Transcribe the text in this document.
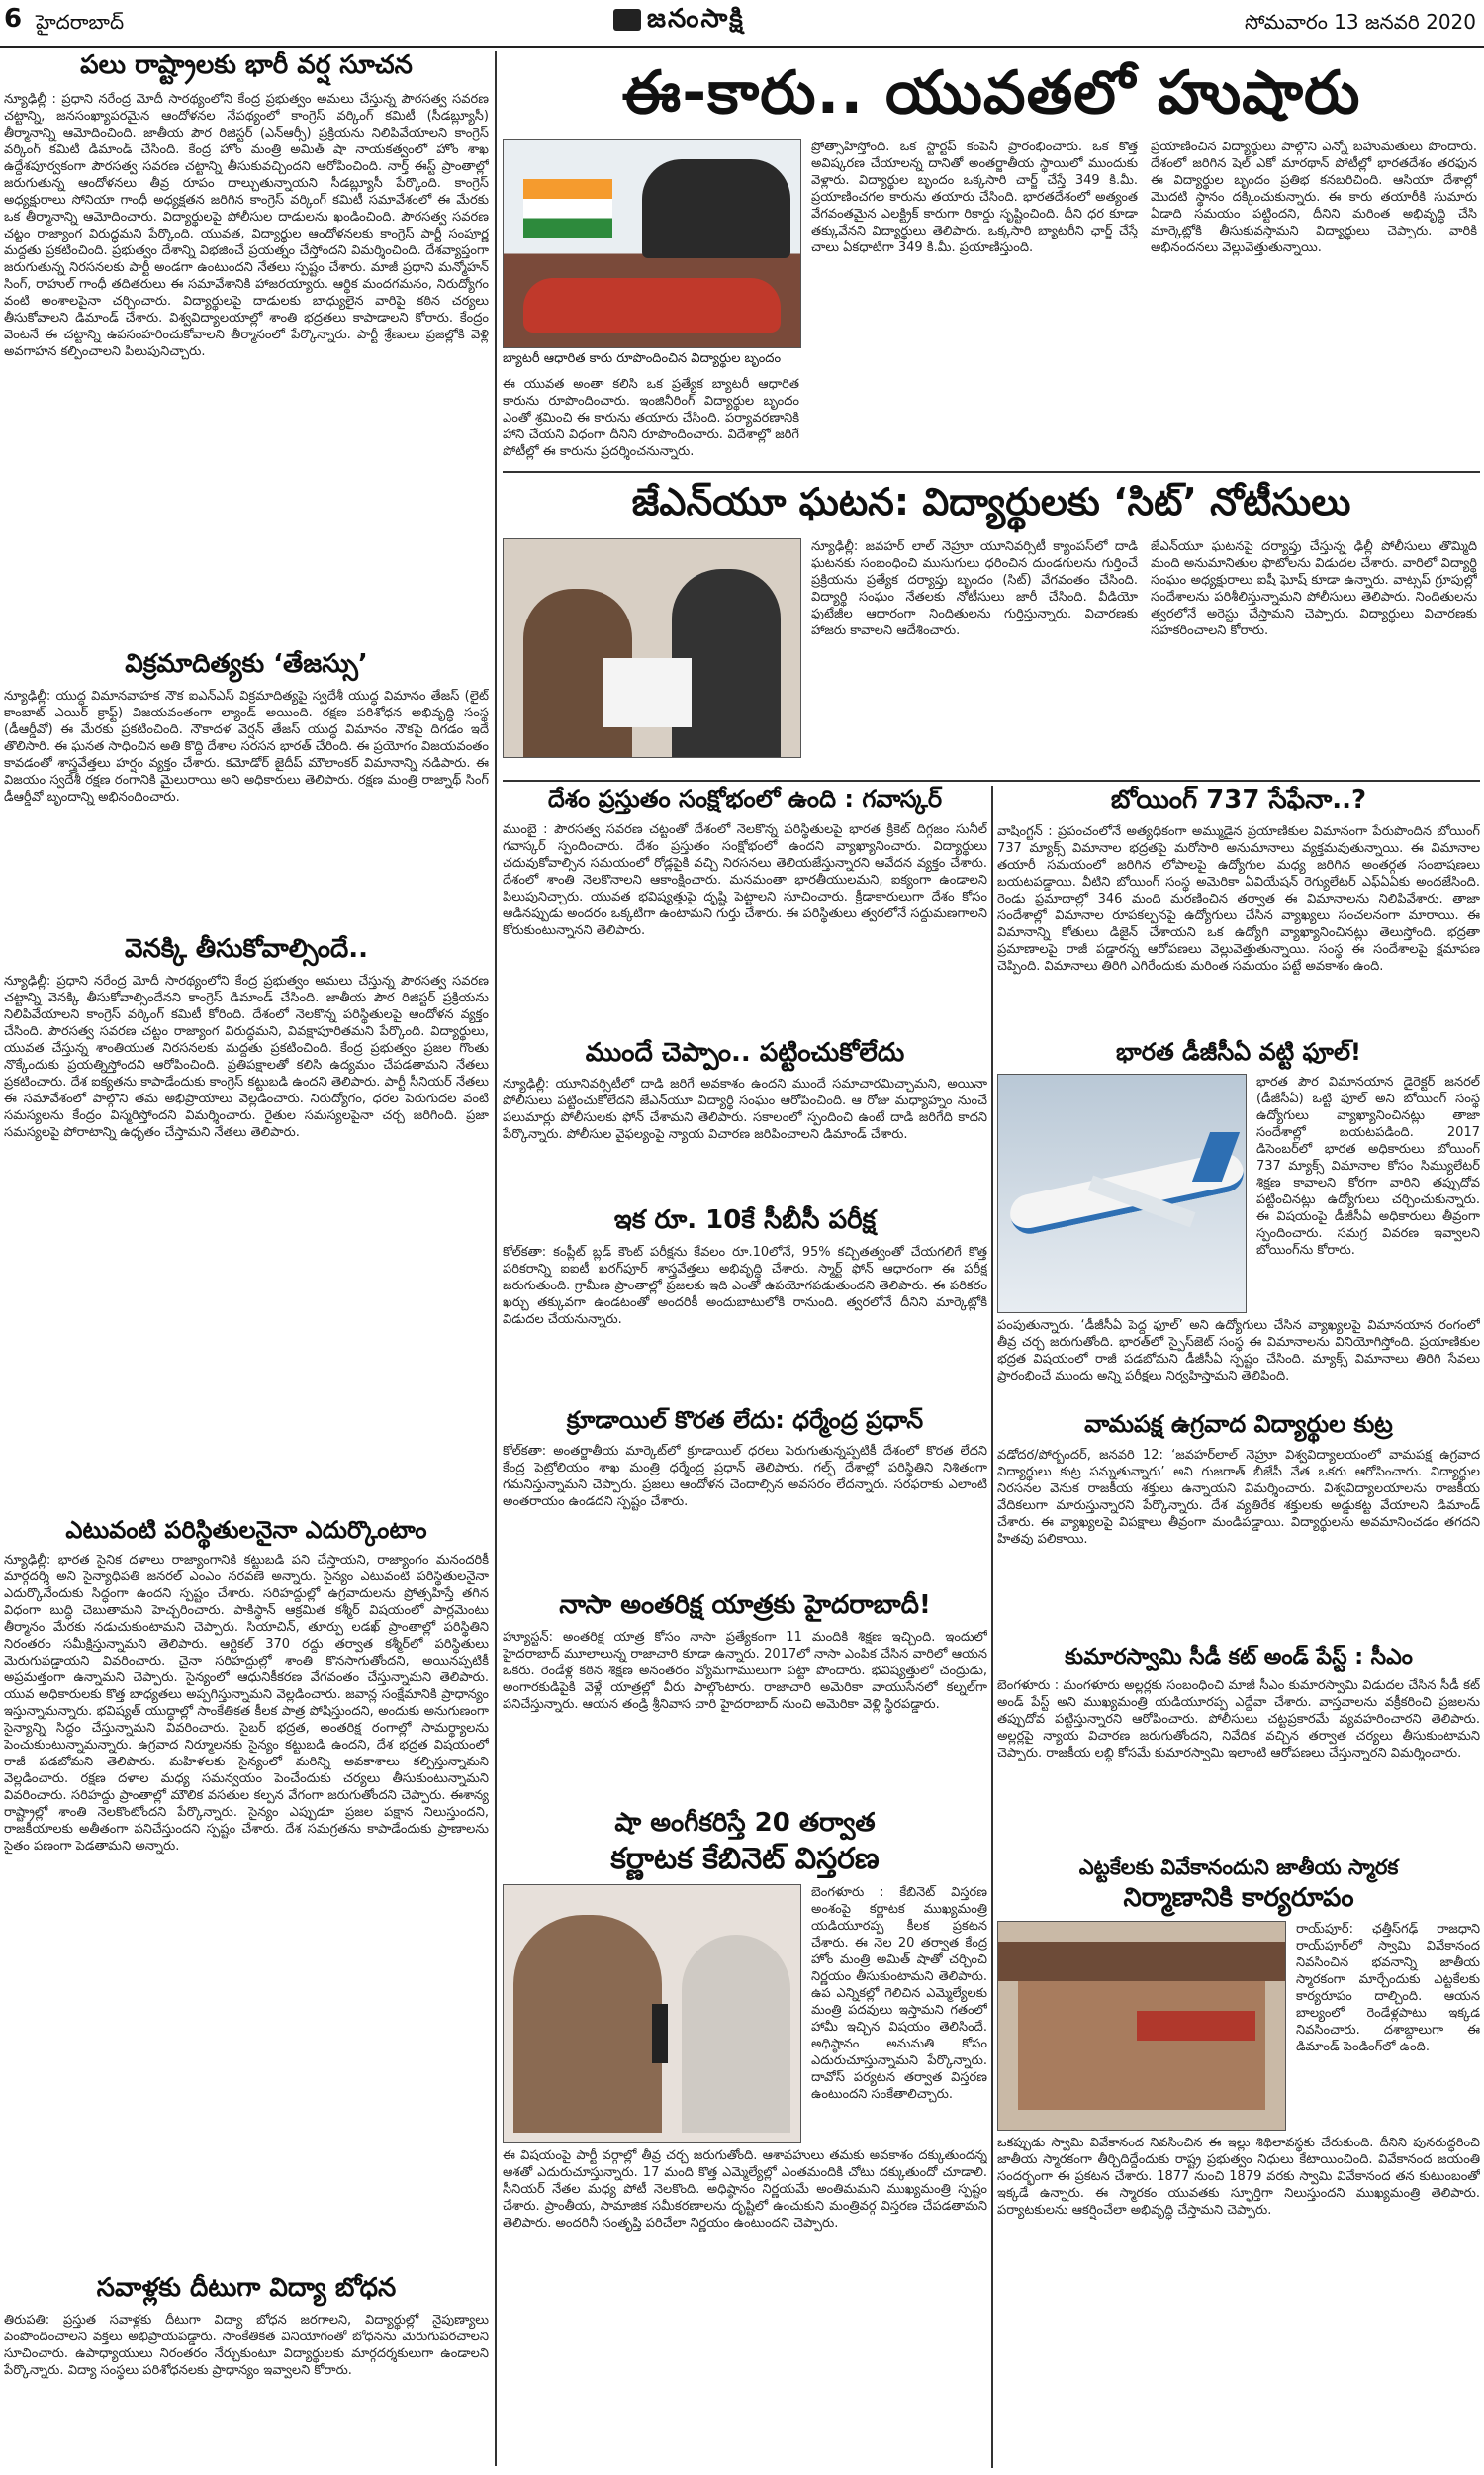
6 హైదరాబాద్	జనంసాక్షి	సోమవారం 13 జనవరి 2020
పలు రాష్ట్రాలకు భారీ వర్ష సూచన

న్యూఢిల్లీ : ప్రధాని నరేంద్ర మోదీ సారథ్యంలోని కేంద్ర ప్రభుత్వం అమలు చేస్తున్న పౌరసత్వ సవరణ చట్టాన్ని, జనసంఖ్యాపరమైన ఆందోళనల నేపథ్యంలో కాంగ్రెస్ వర్కింగ్ కమిటీ (సీడబ్ల్యూసీ) తీర్మానాన్ని ఆమోదించింది. జాతీయ పౌర రిజిస్టర్ (ఎన్ఆర్సీ) ప్రక్రియను నిలిపివేయాలని కాంగ్రెస్ వర్కింగ్ కమిటీ డిమాండ్ చేసింది. కేంద్ర హోం మంత్రి అమిత్ షా నాయకత్వంలో హోం శాఖ ఉద్దేశపూర్వకంగా పౌరసత్వ సవరణ చట్టాన్ని తీసుకువచ్చిందని ఆరోపించింది. నార్త్ ఈస్ట్ ప్రాంతాల్లో జరుగుతున్న ఆందోళనలు తీవ్ర రూపం దాల్చుతున్నాయని సీడబ్ల్యూసీ పేర్కొంది. కాంగ్రెస్ అధ్యక్షురాలు సోనియా గాంధీ అధ్యక్షతన జరిగిన కాంగ్రెస్ వర్కింగ్ కమిటీ సమావేశంలో ఈ మేరకు ఒక తీర్మానాన్ని ఆమోదించారు. విద్యార్థులపై పోలీసుల దాడులను ఖండించింది. పౌరసత్వ సవరణ చట్టం రాజ్యాంగ విరుద్ధమని పేర్కొంది. యువత, విద్యార్థుల ఆందోళనలకు కాంగ్రెస్ పార్టీ సంపూర్ణ మద్దతు ప్రకటించింది. ప్రభుత్వం దేశాన్ని విభజించే ప్రయత్నం చేస్తోందని విమర్శించింది. దేశవ్యాప్తంగా జరుగుతున్న నిరసనలకు పార్టీ అండగా ఉంటుందని నేతలు స్పష్టం చేశారు. మాజీ ప్రధాని మన్మోహన్ సింగ్, రాహుల్ గాంధీ తదితరులు ఈ సమావేశానికి హాజరయ్యారు. ఆర్థిక మందగమనం, నిరుద్యోగం వంటి అంశాలపైనా చర్చించారు. విద్యార్థులపై దాడులకు బాధ్యులైన వారిపై కఠిన చర్యలు తీసుకోవాలని డిమాండ్ చేశారు. విశ్వవిద్యాలయాల్లో శాంతి భద్రతలు కాపాడాలని కోరారు. కేంద్రం వెంటనే ఈ చట్టాన్ని ఉపసంహరించుకోవాలని తీర్మానంలో పేర్కొన్నారు. పార్టీ శ్రేణులు ప్రజల్లోకి వెళ్లి అవగాహన కల్పించాలని పిలుపునిచ్చారు.

విక్రమాదిత్యకు ‘తేజస్సు’

న్యూఢిల్లీ: యుద్ధ విమానవాహక నౌక ఐఎన్ఎస్ విక్రమాదిత్యపై స్వదేశీ యుద్ధ విమానం తేజస్ (లైట్ కాంబాట్ ఎయిర్ క్రాఫ్ట్) విజయవంతంగా ల్యాండ్ అయింది. రక్షణ పరిశోధన అభివృద్ధి సంస్థ (డీఆర్డీవో) ఈ మేరకు ప్రకటించింది. నౌకాదళ వెర్షన్ తేజస్ యుద్ధ విమానం నౌకపై దిగడం ఇదే తొలిసారి. ఈ ఘనత సాధించిన అతి కొద్ది దేశాల సరసన భారత్ చేరింది. ఈ ప్రయోగం విజయవంతం కావడంతో శాస్త్రవేత్తలు హర్షం వ్యక్తం చేశారు. కమోడోర్ జైదీప్ మౌలాంకర్ విమానాన్ని నడిపారు. ఈ విజయం స్వదేశీ రక్షణ రంగానికి మైలురాయి అని అధికారులు తెలిపారు. రక్షణ మంత్రి రాజ్నాథ్ సింగ్ డీఆర్డీవో బృందాన్ని అభినందించారు.

వెనక్కి తీసుకోవాల్సిందే..

న్యూఢిల్లీ: ప్రధాని నరేంద్ర మోదీ సారథ్యంలోని కేంద్ర ప్రభుత్వం అమలు చేస్తున్న పౌరసత్వ సవరణ చట్టాన్ని వెనక్కి తీసుకోవాల్సిందేనని కాంగ్రెస్ డిమాండ్ చేసింది. జాతీయ పౌర రిజిస్టర్ ప్రక్రియను నిలిపివేయాలని కాంగ్రెస్ వర్కింగ్ కమిటీ కోరింది. దేశంలో నెలకొన్న పరిస్థితులపై ఆందోళన వ్యక్తం చేసింది. పౌరసత్వ సవరణ చట్టం రాజ్యాంగ విరుద్ధమని, వివక్షాపూరితమని పేర్కొంది. విద్యార్థులు, యువత చేస్తున్న శాంతియుత నిరసనలకు మద్దతు ప్రకటించింది. కేంద్ర ప్రభుత్వం ప్రజల గొంతు నొక్కేందుకు ప్రయత్నిస్తోందని ఆరోపించింది. ప్రతిపక్షాలతో కలిసి ఉద్యమం చేపడతామని నేతలు ప్రకటించారు. దేశ ఐక్యతను కాపాడేందుకు కాంగ్రెస్ కట్టుబడి ఉందని తెలిపారు. పార్టీ సీనియర్ నేతలు ఈ సమావేశంలో పాల్గొని తమ అభిప్రాయాలు వెల్లడించారు. నిరుద్యోగం, ధరల పెరుగుదల వంటి సమస్యలను కేంద్రం విస్మరిస్తోందని విమర్శించారు. రైతుల సమస్యలపైనా చర్చ జరిగింది. ప్రజా సమస్యలపై పోరాటాన్ని ఉధృతం చేస్తామని నేతలు తెలిపారు.

ఎటువంటి పరిస్థితులనైనా ఎదుర్కొంటాం

న్యూఢిల్లీ: భారత సైనిక దళాలు రాజ్యాంగానికి కట్టుబడి పని చేస్తాయని, రాజ్యాంగం మనందరికీ మార్గదర్శి అని సైన్యాధిపతి జనరల్ ఎంఎం నరవణె అన్నారు. సైన్యం ఎటువంటి పరిస్థితులనైనా ఎదుర్కొనేందుకు సిద్ధంగా ఉందని స్పష్టం చేశారు. సరిహద్దుల్లో ఉగ్రవాదులను ప్రోత్సహిస్తే తగిన విధంగా బుద్ధి చెబుతామని హెచ్చరించారు. పాకిస్థాన్ ఆక్రమిత కశ్మీర్ విషయంలో పార్లమెంటు తీర్మానం మేరకు నడుచుకుంటామని చెప్పారు. సియాచిన్, తూర్పు లడఖ్ ప్రాంతాల్లో పరిస్థితిని నిరంతరం సమీక్షిస్తున్నామని తెలిపారు. ఆర్టికల్ 370 రద్దు తర్వాత కశ్మీర్‌లో పరిస్థితులు మెరుగుపడ్డాయని వివరించారు. చైనా సరిహద్దుల్లో శాంతి కొనసాగుతోందని, అయినప్పటికీ అప్రమత్తంగా ఉన్నామని చెప్పారు. సైన్యంలో ఆధునికీకరణ వేగవంతం చేస్తున్నామని తెలిపారు. యువ అధికారులకు కొత్త బాధ్యతలు అప్పగిస్తున్నామని వెల్లడించారు. జవాన్ల సంక్షేమానికి ప్రాధాన్యం ఇస్తున్నామన్నారు. భవిష్యత్ యుద్ధాల్లో సాంకేతికత కీలక పాత్ర పోషిస్తుందని, అందుకు అనుగుణంగా సైన్యాన్ని సిద్ధం చేస్తున్నామని వివరించారు. సైబర్ భద్రత, అంతరిక్ష రంగాల్లో సామర్థ్యాలను పెంచుకుంటున్నామన్నారు. ఉగ్రవాద నిర్మూలనకు సైన్యం కట్టుబడి ఉందని, దేశ భద్రత విషయంలో రాజీ పడబోమని తెలిపారు. మహిళలకు సైన్యంలో మరిన్ని అవకాశాలు కల్పిస్తున్నామని వెల్లడించారు. రక్షణ దళాల మధ్య సమన్వయం పెంచేందుకు చర్యలు తీసుకుంటున్నామని వివరించారు. సరిహద్దు ప్రాంతాల్లో మౌలిక వసతుల కల్పన వేగంగా జరుగుతోందని చెప్పారు. ఈశాన్య రాష్ట్రాల్లో శాంతి నెలకొంటోందని పేర్కొన్నారు. సైన్యం ఎప్పుడూ ప్రజల పక్షాన నిలుస్తుందని, రాజకీయాలకు అతీతంగా పనిచేస్తుందని స్పష్టం చేశారు. దేశ సమగ్రతను కాపాడేందుకు ప్రాణాలను సైతం పణంగా పెడతామని అన్నారు.

సవాళ్లకు దీటుగా విద్యా బోధన

తిరుపతి: ప్రస్తుత సవాళ్లకు దీటుగా విద్యా బోధన జరగాలని, విద్యార్థుల్లో నైపుణ్యాలు పెంపొందించాలని వక్తలు అభిప్రాయపడ్డారు. సాంకేతికత వినియోగంతో బోధనను మెరుగుపరచాలని సూచించారు. ఉపాధ్యాయులు నిరంతరం నేర్చుకుంటూ విద్యార్థులకు మార్గదర్శకులుగా ఉండాలని పేర్కొన్నారు. విద్యా సంస్థలు పరిశోధనలకు ప్రాధాన్యం ఇవ్వాలని కోరారు.

ఈ-కారు.. యువతలో హుషారు

బ్యాటరీ ఆధారిత కారు రూపొందించిన విద్యార్థుల బృందం

ప్రోత్సాహిస్తోంది. ఒక స్టార్టప్ కంపెనీ ప్రారంభించారు. ఒక కొత్త అవిష్కరణ చేయాలన్న దానితో అంతర్జాతీయ స్థాయిలో ముందుకు వెళ్లారు. విద్యార్థుల బృందం ఒక్కసారి చార్జ్ చేస్తే 349 కి.మీ. ప్రయాణించగల కారును తయారు చేసింది. భారతదేశంలో అత్యంత వేగవంతమైన ఎలక్ట్రిక్ కారుగా రికార్డు సృష్టించింది. దీని ధర కూడా తక్కువేనని విద్యార్థులు తెలిపారు. ఒక్కసారి బ్యాటరీని ఛార్జ్ చేస్తే చాలు ఏకధాటిగా 349 కి.మీ. ప్రయాణిస్తుంది.

ప్రయాణించిన విద్యార్థులు పాల్గొని ఎన్నో బహుమతులు పొందారు. దేశంలో జరిగిన షెల్ ఎకో మారథాన్ పోటీల్లో భారతదేశం తరఫున ఈ విద్యార్థుల బృందం ప్రతిభ కనబరిచింది. ఆసియా దేశాల్లో మొదటి స్థానం దక్కించుకున్నారు. ఈ కారు తయారీకి సుమారు ఏడాది సమయం పట్టిందని, దీనిని మరింత అభివృద్ధి చేసి మార్కెట్లోకి తీసుకువస్తామని విద్యార్థులు చెప్పారు. వారికి అభినందనలు వెల్లువెత్తుతున్నాయి.

జేఎన్‌యూ ఘటన: విద్యార్థులకు ‘సిట్’ నోటీసులు

న్యూఢిల్లీ: జవహర్ లాల్ నెహ్రూ యూనివర్సిటీ క్యాంపస్‌లో దాడి ఘటనకు సంబంధించి ముసుగులు ధరించిన దుండగులను గుర్తించే ప్రక్రియను ప్రత్యేక దర్యాప్తు బృందం (సిట్) వేగవంతం చేసింది. విద్యార్థి సంఘం నేతలకు నోటీసులు జారీ చేసింది. వీడియో ఫుటేజీల ఆధారంగా నిందితులను గుర్తిస్తున్నారు. విచారణకు హాజరు కావాలని ఆదేశించారు.

జేఎన్‌యూ ఘటనపై దర్యాప్తు చేస్తున్న ఢిల్లీ పోలీసులు తొమ్మిది మంది అనుమానితుల ఫొటోలను విడుదల చేశారు. వారిలో విద్యార్థి సంఘం అధ్యక్షురాలు ఐషీ ఘోష్ కూడా ఉన్నారు. వాట్సప్ గ్రూపుల్లో సందేశాలను పరిశీలిస్తున్నామని పోలీసులు తెలిపారు. నిందితులను త్వరలోనే అరెస్టు చేస్తామని చెప్పారు. విద్యార్థులు విచారణకు సహకరించాలని కోరారు.

దేశం ప్రస్తుతం సంక్షోభంలో ఉంది : గవాస్కర్

ముంబై : పౌరసత్వ సవరణ చట్టంతో దేశంలో నెలకొన్న పరిస్థితులపై భారత క్రికెట్ దిగ్గజం సునీల్ గవాస్కర్ స్పందించారు. దేశం ప్రస్తుతం సంక్షోభంలో ఉందని వ్యాఖ్యానించారు. విద్యార్థులు చదువుకోవాల్సిన సమయంలో రోడ్లపైకి వచ్చి నిరసనలు తెలియజేస్తున్నారని ఆవేదన వ్యక్తం చేశారు. దేశంలో శాంతి నెలకొనాలని ఆకాంక్షించారు. మనమంతా భారతీయులమని, ఐక్యంగా ఉండాలని పిలుపునిచ్చారు. యువత భవిష్యత్తుపై దృష్టి పెట్టాలని సూచించారు. క్రీడాకారులుగా దేశం కోసం ఆడినప్పుడు అందరం ఒక్కటిగా ఉంటామని గుర్తు చేశారు. ఈ పరిస్థితులు త్వరలోనే సద్దుమణగాలని కోరుకుంటున్నానని తెలిపారు.

ముందే చెప్పాం.. పట్టించుకోలేదు

న్యూఢిల్లీ: యూనివర్సిటీలో దాడి జరిగే అవకాశం ఉందని ముందే సమాచారమిచ్చామని, అయినా పోలీసులు పట్టించుకోలేదని జేఎన్‌యూ విద్యార్థి సంఘం ఆరోపించింది. ఆ రోజు మధ్యాహ్నం నుంచే పలుమార్లు పోలీసులకు ఫోన్ చేశామని తెలిపారు. సకాలంలో స్పందించి ఉంటే దాడి జరిగేది కాదని పేర్కొన్నారు. పోలీసుల వైఫల్యంపై న్యాయ విచారణ జరిపించాలని డిమాండ్ చేశారు.

ఇక రూ. 10కే సీబీసీ పరీక్ష

కోల్‌కతా: కంప్లీట్ బ్లడ్ కౌంట్ పరీక్షను కేవలం రూ.10లోనే, 95% కచ్చితత్వంతో చేయగలిగే కొత్త పరికరాన్ని ఐఐటీ ఖరగ్‌పూర్ శాస్త్రవేత్తలు అభివృద్ధి చేశారు. స్మార్ట్ ఫోన్ ఆధారంగా ఈ పరీక్ష జరుగుతుంది. గ్రామీణ ప్రాంతాల్లో ప్రజలకు ఇది ఎంతో ఉపయోగపడుతుందని తెలిపారు. ఈ పరికరం ఖర్చు తక్కువగా ఉండటంతో అందరికీ అందుబాటులోకి రానుంది. త్వరలోనే దీనిని మార్కెట్లోకి విడుదల చేయనున్నారు.

క్రూడాయిల్ కొరత లేదు: ధర్మేంద్ర ప్రధాన్

కోల్‌కతా: అంతర్జాతీయ మార్కెట్‌లో క్రూడాయిల్ ధరలు పెరుగుతున్నప్పటికీ దేశంలో కొరత లేదని కేంద్ర పెట్రోలియం శాఖ మంత్రి ధర్మేంద్ర ప్రధాన్ తెలిపారు. గల్ఫ్ దేశాల్లో పరిస్థితిని నిశితంగా గమనిస్తున్నామని చెప్పారు. ప్రజలు ఆందోళన చెందాల్సిన అవసరం లేదన్నారు. సరఫరాకు ఎలాంటి అంతరాయం ఉండదని స్పష్టం చేశారు.

నాసా అంతరిక్ష యాత్రకు హైదరాబాదీ!

హ్యూస్టన్: అంతరిక్ష యాత్ర కోసం నాసా ప్రత్యేకంగా 11 మందికి శిక్షణ ఇచ్చింది. ఇందులో హైదరాబాద్ మూలాలున్న రాజాచారి కూడా ఉన్నారు. 2017లో నాసా ఎంపిక చేసిన వారిలో ఆయన ఒకరు. రెండేళ్ల కఠిన శిక్షణ అనంతరం వ్యోమగాములుగా పట్టా పొందారు. భవిష్యత్తులో చంద్రుడు, అంగారకుడిపైకి వెళ్లే యాత్రల్లో వీరు పాల్గొంటారు. రాజాచారి అమెరికా వాయుసేనలో కల్నల్‌గా పనిచేస్తున్నారు. ఆయన తండ్రి శ్రీనివాస చారి హైదరాబాద్ నుంచి అమెరికా వెళ్లి స్థిరపడ్డారు.

షా అంగీకరిస్తే 20 తర్వాత
కర్ణాటక కేబినెట్ విస్తరణ

బెంగళూరు : కేబినెట్ విస్తరణ అంశంపై కర్ణాటక ముఖ్యమంత్రి యడియూరప్ప కీలక ప్రకటన చేశారు. ఈ నెల 20 తర్వాత కేంద్ర హోం మంత్రి అమిత్ షాతో చర్చించి నిర్ణయం తీసుకుంటామని తెలిపారు. ఉప ఎన్నికల్లో గెలిచిన ఎమ్మెల్యేలకు మంత్రి పదవులు ఇస్తామని గతంలో హామీ ఇచ్చిన విషయం తెలిసిందే. అధిష్ఠానం అనుమతి కోసం ఎదురుచూస్తున్నామని పేర్కొన్నారు. దావోస్ పర్యటన తర్వాత విస్తరణ ఉంటుందని సంకేతాలిచ్చారు.

ఈ విషయంపై పార్టీ వర్గాల్లో తీవ్ర చర్చ జరుగుతోంది. ఆశావహులు తమకు అవకాశం దక్కుతుందన్న ఆశతో ఎదురుచూస్తున్నారు. 17 మంది కొత్త ఎమ్మెల్యేల్లో ఎంతమందికి చోటు దక్కుతుందో చూడాలి. సీనియర్ నేతల మధ్య పోటీ నెలకొంది. అధిష్ఠానం నిర్ణయమే అంతిమమని ముఖ్యమంత్రి స్పష్టం చేశారు. ప్రాంతీయ, సామాజిక సమీకరణాలను దృష్టిలో ఉంచుకుని మంత్రివర్గ విస్తరణ చేపడతామని తెలిపారు. అందరినీ సంతృప్తి పరిచేలా నిర్ణయం ఉంటుందని చెప్పారు.

బోయింగ్ 737 సేఫేనా..?

వాషింగ్టన్ : ప్రపంచంలోనే అత్యధికంగా అమ్ముడైన ప్రయాణికుల విమానంగా పేరుపొందిన బోయింగ్ 737 మ్యాక్స్ విమానాల భద్రతపై మరోసారి అనుమానాలు వ్యక్తమవుతున్నాయి. ఈ విమానాల తయారీ సమయంలో జరిగిన లోపాలపై ఉద్యోగుల మధ్య జరిగిన అంతర్గత సంభాషణలు బయటపడ్డాయి. వీటిని బోయింగ్ సంస్థ అమెరికా ఏవియేషన్ రెగ్యులేటర్ ఎఫ్ఏఏకు అందజేసింది. రెండు ప్రమాదాల్లో 346 మంది మరణించిన తర్వాత ఈ విమానాలను నిలిపివేశారు. తాజా సందేశాల్లో విమానాల రూపకల్పనపై ఉద్యోగులు చేసిన వ్యాఖ్యలు సంచలనంగా మారాయి. ఈ విమానాన్ని కోతులు డిజైన్ చేశాయని ఒక ఉద్యోగి వ్యాఖ్యానించినట్లు తెలుస్తోంది. భద్రతా ప్రమాణాలపై రాజీ పడ్డారన్న ఆరోపణలు వెల్లువెత్తుతున్నాయి. సంస్థ ఈ సందేశాలపై క్షమాపణ చెప్పింది. విమానాలు తిరిగి ఎగిరేందుకు మరింత సమయం పట్టే అవకాశం ఉంది.

భారత డీజీసీఏ వట్టి ఫూల్!

భారత పౌర విమానయాన డైరెక్టర్ జనరల్ (డీజీసీఏ) ఒట్టి ఫూల్ అని బోయింగ్ సంస్థ ఉద్యోగులు వ్యాఖ్యానించినట్లు తాజా సందేశాల్లో బయటపడింది. 2017 డిసెంబర్‌లో భారత అధికారులు బోయింగ్ 737 మ్యాక్స్ విమానాల కోసం సిమ్యులేటర్ శిక్షణ కావాలని కోరగా వారిని తప్పుదోవ పట్టించినట్లు ఉద్యోగులు చర్చించుకున్నారు. ఈ విషయంపై డీజీసీఏ అధికారులు తీవ్రంగా స్పందించారు. సమగ్ర వివరణ ఇవ్వాలని బోయింగ్‌ను కోరారు.

పంపుతున్నారు. ‘డీజీసీఏ పెద్ద ఫూల్’ అని ఉద్యోగులు చేసిన వ్యాఖ్యలపై విమానయాన రంగంలో తీవ్ర చర్చ జరుగుతోంది. భారత్‌లో స్పైస్‌జెట్ సంస్థ ఈ విమానాలను వినియోగిస్తోంది. ప్రయాణికుల భద్రత విషయంలో రాజీ పడబోమని డీజీసీఏ స్పష్టం చేసింది. మ్యాక్స్ విమానాలు తిరిగి సేవలు ప్రారంభించే ముందు అన్ని పరీక్షలు నిర్వహిస్తామని తెలిపింది.

వామపక్ష ఉగ్రవాద విద్యార్థుల కుట్ర

వడోదర/పోర్బందర్, జనవరి 12: ‘జవహర్‌లాల్ నెహ్రూ విశ్వవిద్యాలయంలో వామపక్ష ఉగ్రవాద విద్యార్థులు కుట్ర పన్నుతున్నారు’ అని గుజరాత్ బీజేపీ నేత ఒకరు ఆరోపించారు. విద్యార్థుల నిరసనల వెనుక రాజకీయ శక్తులు ఉన్నాయని విమర్శించారు. విశ్వవిద్యాలయాలను రాజకీయ వేదికలుగా మారుస్తున్నారని పేర్కొన్నారు. దేశ వ్యతిరేక శక్తులకు అడ్డుకట్ట వేయాలని డిమాండ్ చేశారు. ఈ వ్యాఖ్యలపై విపక్షాలు తీవ్రంగా మండిపడ్డాయి. విద్యార్థులను అవమానించడం తగదని హితవు పలికాయి.

కుమారస్వామి సీడీ కట్ అండ్ పేస్ట్ : సీఎం

బెంగళూరు : మంగళూరు అల్లర్లకు సంబంధించి మాజీ సీఎం కుమారస్వామి విడుదల చేసిన సీడీ కట్ అండ్ పేస్ట్ అని ముఖ్యమంత్రి యడియూరప్ప ఎద్దేవా చేశారు. వాస్తవాలను వక్రీకరించి ప్రజలను తప్పుదోవ పట్టిస్తున్నారని ఆరోపించారు. పోలీసులు చట్టప్రకారమే వ్యవహరించారని తెలిపారు. అల్లర్లపై న్యాయ విచారణ జరుగుతోందని, నివేదిక వచ్చిన తర్వాత చర్యలు తీసుకుంటామని చెప్పారు. రాజకీయ లబ్ధి కోసమే కుమారస్వామి ఇలాంటి ఆరోపణలు చేస్తున్నారని విమర్శించారు.

ఎట్టకేలకు వివేకానందుని జాతీయ స్మారక
నిర్మాణానికి కార్యరూపం

రాయ్‌పూర్: ఛత్తీస్‌గఢ్ రాజధాని రాయ్‌పూర్‌లో స్వామి వివేకానంద నివసించిన భవనాన్ని జాతీయ స్మారకంగా మార్చేందుకు ఎట్టకేలకు కార్యరూపం దాల్చింది. ఆయన బాల్యంలో రెండేళ్లపాటు ఇక్కడ నివసించారు. దశాబ్దాలుగా ఈ డిమాండ్ పెండింగ్‌లో ఉంది.

ఒకప్పుడు స్వామి వివేకానంద నివసించిన ఈ ఇల్లు శిథిలావస్థకు చేరుకుంది. దీనిని పునరుద్ధరించి జాతీయ స్మారకంగా తీర్చిదిద్దేందుకు రాష్ట్ర ప్రభుత్వం నిధులు కేటాయించింది. వివేకానంద జయంతి సందర్భంగా ఈ ప్రకటన చేశారు. 1877 నుంచి 1879 వరకు స్వామి వివేకానంద తన కుటుంబంతో ఇక్కడే ఉన్నారు. ఈ స్మారకం యువతకు స్ఫూర్తిగా నిలుస్తుందని ముఖ్యమంత్రి తెలిపారు. పర్యాటకులను ఆకర్షించేలా అభివృద్ధి చేస్తామని చెప్పారు.

ఈ యువత అంతా కలిసి ఒక ప్రత్యేక బ్యాటరీ ఆధారిత కారును రూపొందించారు. ఇంజినీరింగ్ విద్యార్థుల బృందం ఎంతో శ్రమించి ఈ కారును తయారు చేసింది. పర్యావరణానికి హాని చేయని విధంగా దీనిని రూపొందించారు. విదేశాల్లో జరిగే పోటీల్లో ఈ కారును ప్రదర్శించనున్నారు.
